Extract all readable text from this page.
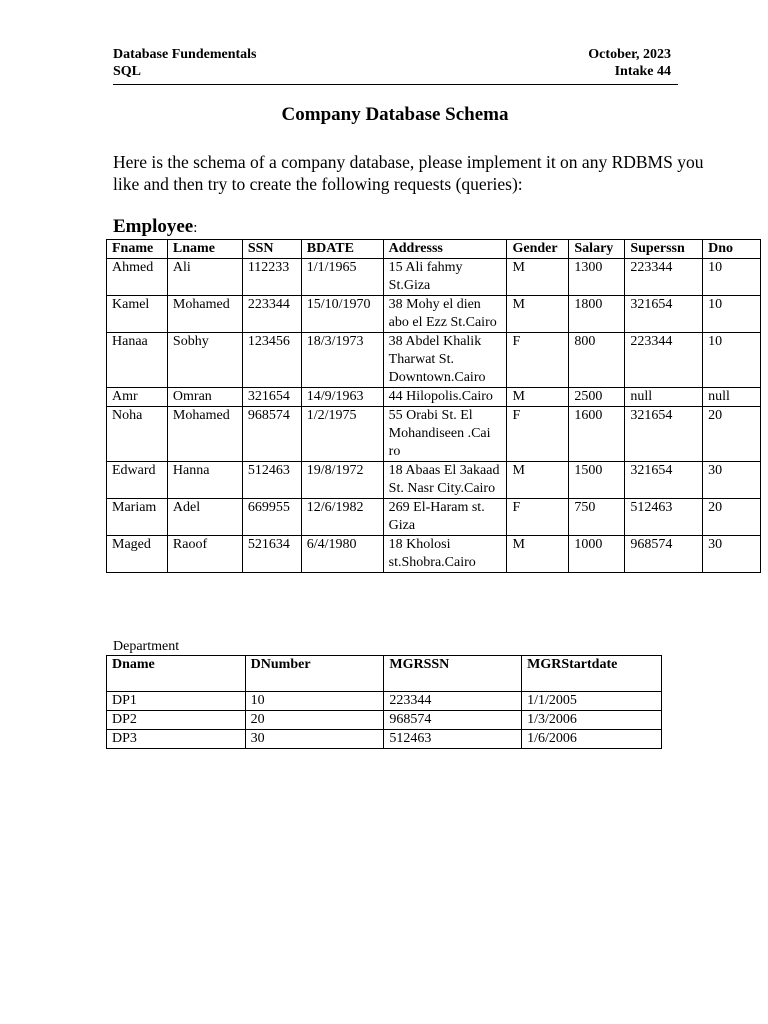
Database Fundementals	October, 2023
SQL	Intake 44
Company Database Schema
Here is the schema of a company database, please implement it on any RDBMS you like and then try to create the following requests (queries):
Employee:
Fname	Lname	SSN	BDATE	Addresss	Gender	Salary	Superssn	Dno
Ahmed	Ali	112233	1/1/1965	15 Ali fahmy St.Giza	M	1300	223344	10
Kamel	Mohamed	223344	15/10/1970	38 Mohy el dien abo el Ezz St.Cairo	M	1800	321654	10
Hanaa	Sobhy	123456	18/3/1973	38 Abdel Khalik Tharwat St. Downtown.Cairo	F	800	223344	10
Amr	Omran	321654	14/9/1963	44 Hilopolis.Cairo	M	2500	null	null
Noha	Mohamed	968574	1/2/1975	55 Orabi St. El Mohandiseen .Cai ro	F	1600	321654	20
Edward	Hanna	512463	19/8/1972	18 Abaas El 3akaad St. Nasr City.Cairo	M	1500	321654	30
Mariam	Adel	669955	12/6/1982	269 El-Haram st. Giza	F	750	512463	20
Maged	Raoof	521634	6/4/1980	18 Kholosi st.Shobra.Cairo	M	1000	968574	30
Department
Dname	DNumber	MGRSSN	MGRStartdate
DP1	10	223344	1/1/2005
DP2	20	968574	1/3/2006
DP3	30	512463	1/6/2006
